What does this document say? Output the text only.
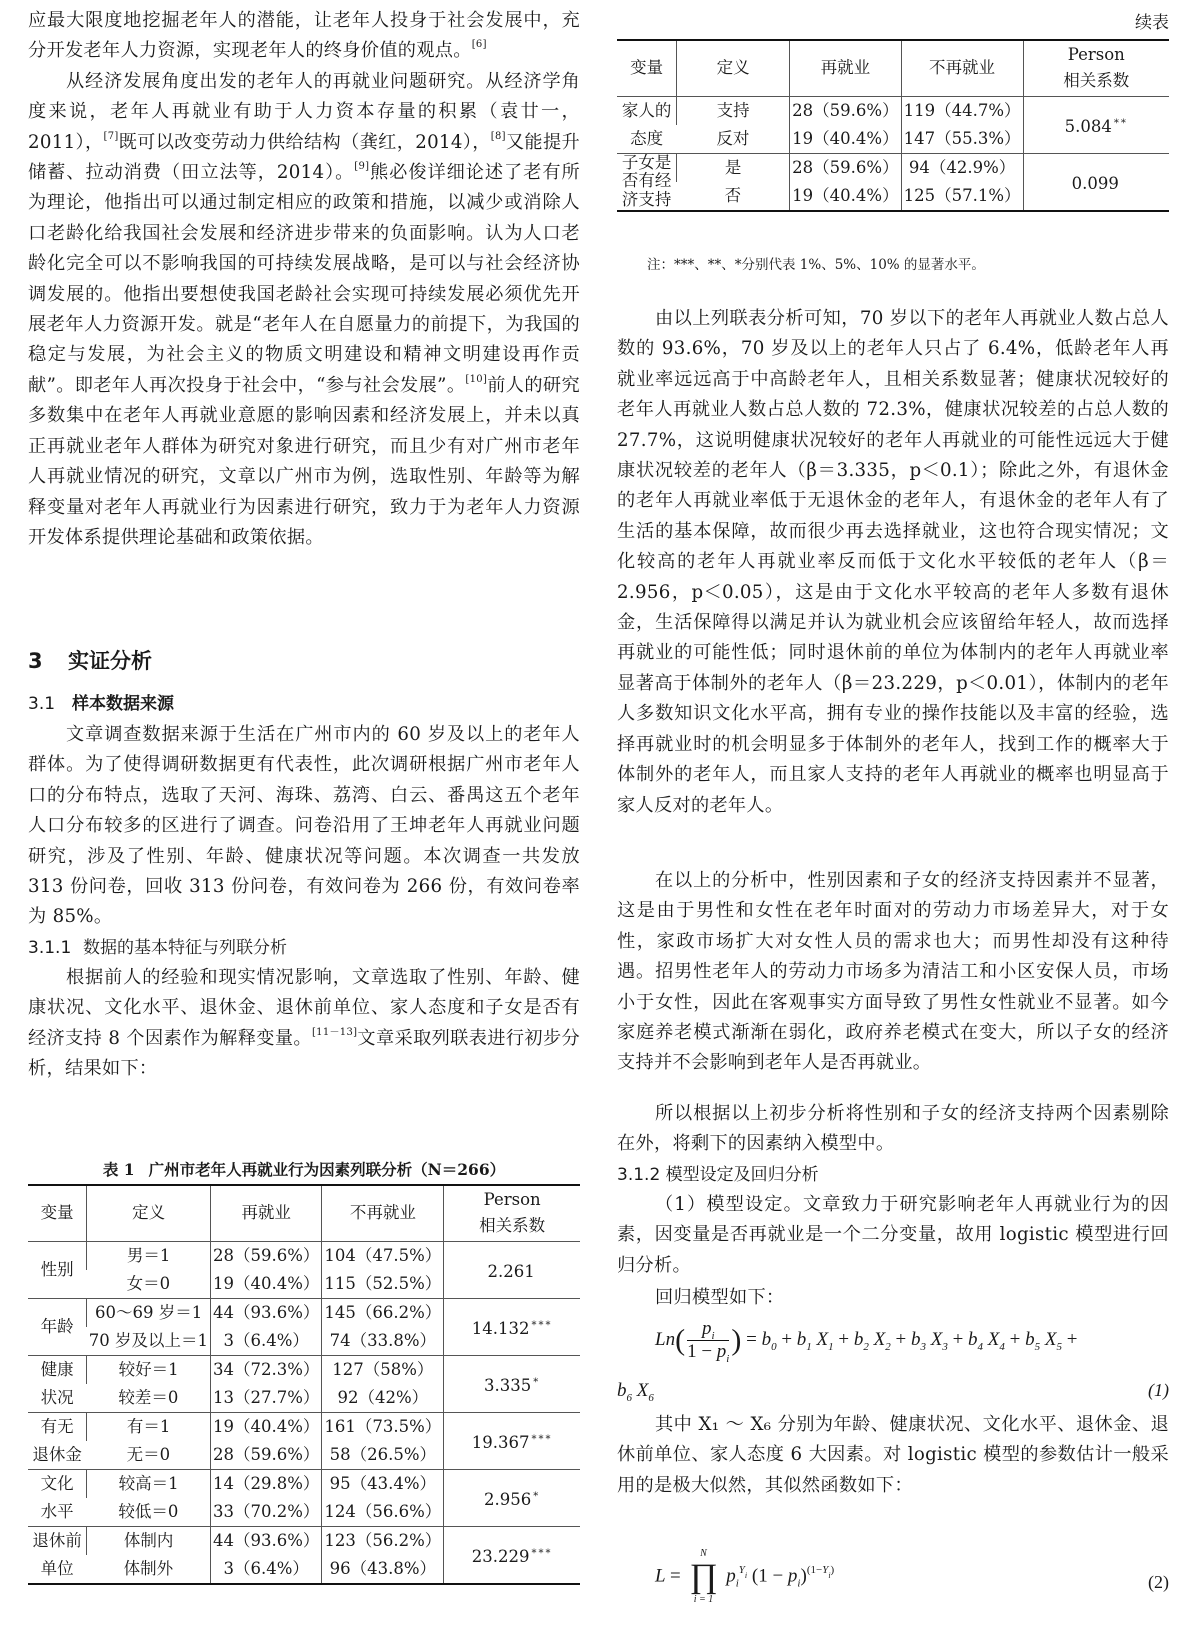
应最大限度地挖掘老年人的潜能，让老年人投身于社会发展中，充分开发老年人力资源，实现老年人的终身价值的观点。[6]

从经济发展角度出发的老年人的再就业问题研究。从经济学角度来说，老年人再就业有助于人力资本存量的积累（袁廿一，2011），[7]既可以改变劳动力供给结构（龚红，2014），[8]又能提升储蓄、拉动消费（田立法等，2014）。[9]熊必俊详细论述了老有所为理论，他指出可以通过制定相应的政策和措施，以减少或消除人口老龄化给我国社会发展和经济进步带来的负面影响。认为人口老龄化完全可以不影响我国的可持续发展战略，是可以与社会经济协调发展的。他指出要想使我国老龄社会实现可持续发展必须优先开展老年人力资源开发。就是“老年人在自愿量力的前提下，为我国的稳定与发展，为社会主义的物质文明建设和精神文明建设再作贡献”。即老年人再次投身于社会中，“参与社会发展”。[10]前人的研究多数集中在老年人再就业意愿的影响因素和经济发展上，并未以真正再就业老年人群体为研究对象进行研究，而且少有对广州市老年人再就业情况的研究，文章以广州市为例，选取性别、年龄等为解释变量对老年人再就业行为因素进行研究，致力于为老年人力资源开发体系提供理论基础和政策依据。

3 实证分析
3.1 样本数据来源

文章调查数据来源于生活在广州市内的 60 岁及以上的老年人群体。为了使得调研数据更有代表性，此次调研根据广州市老年人口的分布特点，选取了天河、海珠、荔湾、白云、番禺这五个老年人口分布较多的区进行了调查。问卷沿用了王坤老年人再就业问题研究，涉及了性别、年龄、健康状况等问题。本次调查一共发放 313 份问卷，回收 313 份问卷，有效问卷为 266 份，有效问卷率为 85%。

3.1.1 数据的基本特征与列联分析

根据前人的经验和现实情况影响，文章选取了性别、年龄、健康状况、文化水平、退休金、退休前单位、家人态度和子女是否有经济支持 8 个因素作为解释变量。[11－13]文章采取列联表进行初步分析，结果如下：

表 1 广州市老年人再就业行为因素列联分析（N＝266）
变量	定义	再就业	不再就业	Person
相关系数
性别	男＝1	28（59.6%）	104（47.5%）	2.261
	女＝0	19（40.4%）	115（52.5%）	
年龄	60～69 岁＝1	44（93.6%）	145（66.2%）	14.132 ***
	70 岁及以上＝1	3（6.4%）	74（33.8%）	
健康
状况	较好＝1	34（72.3%）	127（58%）	3.335 *
	较差＝0	13（27.7%）	92（42%）	
有无
退休金	有＝1	19（40.4%）	161（73.5%）	19.367 ***
	无＝0	28（59.6%）	58（26.5%）	
文化
水平	较高＝1	14（29.8%）	95（43.4%）	2.956 *
	较低＝0	33（70.2%）	124（56.6%）	
退休前
单位	体制内	44（93.6%）	123（56.2%）	23.229 ***
	体制外	3（6.4%）	96（43.8%）	
续表
变量	定义	再就业	不再就业	Person
相关系数
家人的
态度	支持	28（59.6%）	119（44.7%）	5.084 **
	反对	19（40.4%）	147（55.3%）	
子女是
否有经
济支持	是	28（59.6%）	94（42.9%）	0.099
	否	19（40.4%）	125（57.1%）	
注：***、**、*分别代表 1%、5%、10% 的显著水平。

由以上列联表分析可知，70 岁以下的老年人再就业人数占总人数的 93.6%，70 岁及以上的老年人只占了 6.4%，低龄老年人再就业率远远高于中高龄老年人，且相关系数显著；健康状况较好的老年人再就业人数占总人数的 72.3%，健康状况较差的占总人数的 27.7%，这说明健康状况较好的老年人再就业的可能性远远大于健康状况较差的老年人（β＝3.335，p＜0.1）；除此之外，有退休金的老年人再就业率低于无退休金的老年人，有退休金的老年人有了生活的基本保障，故而很少再去选择就业，这也符合现实情况；文化较高的老年人再就业率反而低于文化水平较低的老年人（β＝2.956，p＜0.05），这是由于文化水平较高的老年人多数有退休金，生活保障得以满足并认为就业机会应该留给年轻人，故而选择再就业的可能性低；同时退休前的单位为体制内的老年人再就业率显著高于体制外的老年人（β＝23.229，p＜0.01），体制内的老年人多数知识文化水平高，拥有专业的操作技能以及丰富的经验，选择再就业时的机会明显多于体制外的老年人，找到工作的概率大于体制外的老年人，而且家人支持的老年人再就业的概率也明显高于家人反对的老年人。

在以上的分析中，性别因素和子女的经济支持因素并不显著，这是由于男性和女性在老年时面对的劳动力市场差异大，对于女性，家政市场扩大对女性人员的需求也大；而男性却没有这种待遇。招男性老年人的劳动力市场多为清洁工和小区安保人员，市场小于女性，因此在客观事实方面导致了男性女性就业不显著。如今家庭养老模式渐渐在弱化，政府养老模式在变大，所以子女的经济支持并不会影响到老年人是否再就业。

所以根据以上初步分析将性别和子女的经济支持两个因素剔除在外，将剩下的因素纳入模型中。

3.1.2 模型设定及回归分析

（1）模型设定。文章致力于研究影响老年人再就业行为的因素，因变量是否再就业是一个二分变量，故用 logistic 模型进行回归分析。

回归模型如下：

$Ln( \frac{p_i}{1 - p_i}$ ) = $b_0 + b_1$ $X_1 + b_2$ $X_2 + b_3$ $X_3 + b_4$ $X_4 + b_5$ $X_5$ +
$b_6$ $X_6$	(1)

其中 X₁ ～ X₆ 分别为年龄、健康状况、文化水平、退休金、退休前单位、家人态度 6 大因素。对 logistic 模型的参数估计一般采用的是极大似然，其似然函数如下：

L =
N
∏
i = 1
$p_i^{Y_i}$ $(1 - p_i)^{(1-Y_i)}$
(2)
